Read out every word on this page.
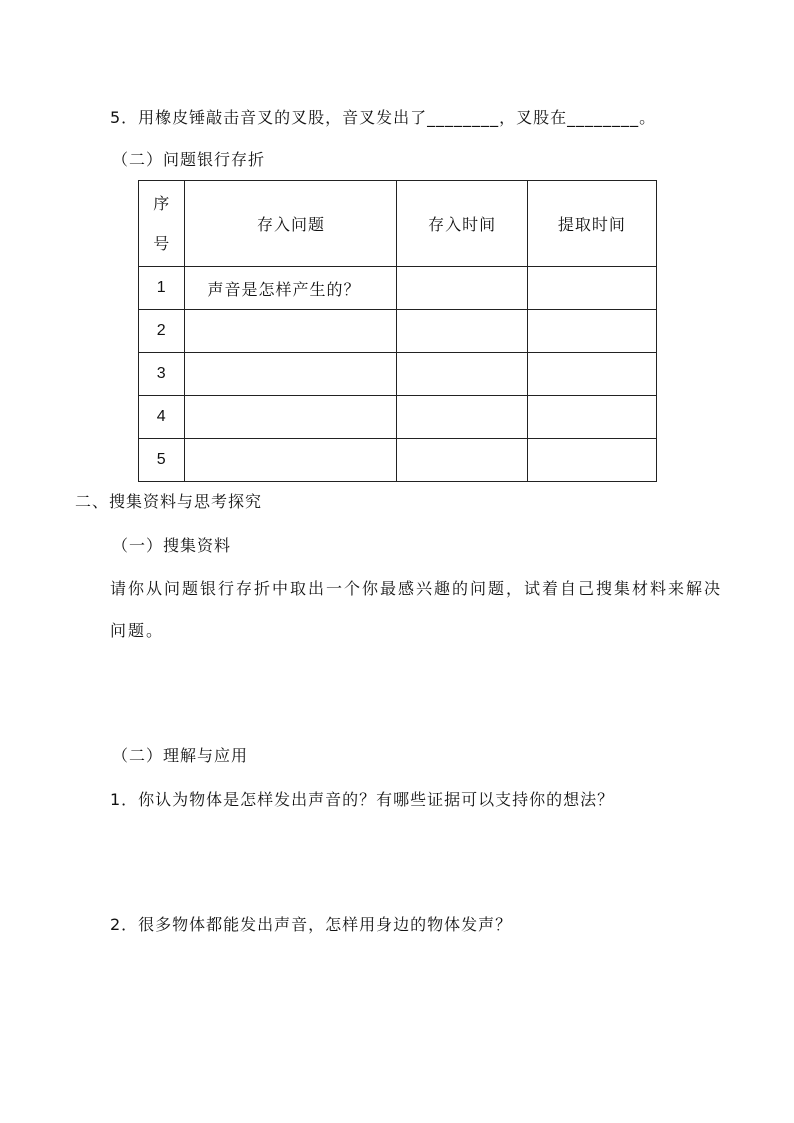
5．用橡皮锤敲击音叉的叉股，音叉发出了________，叉股在________。
（二）问题银行存折
序
号	存入问题	存入时间	提取时间
1	声音是怎样产生的？		
2			
3			
4			
5			
二、搜集资料与思考探究
（一）搜集资料
请你从问题银行存折中取出一个你最感兴趣的问题，试着自己搜集材料来解决问题。
（二）理解与应用
1．你认为物体是怎样发出声音的？有哪些证据可以支持你的想法？
2．很多物体都能发出声音，怎样用身边的物体发声？
